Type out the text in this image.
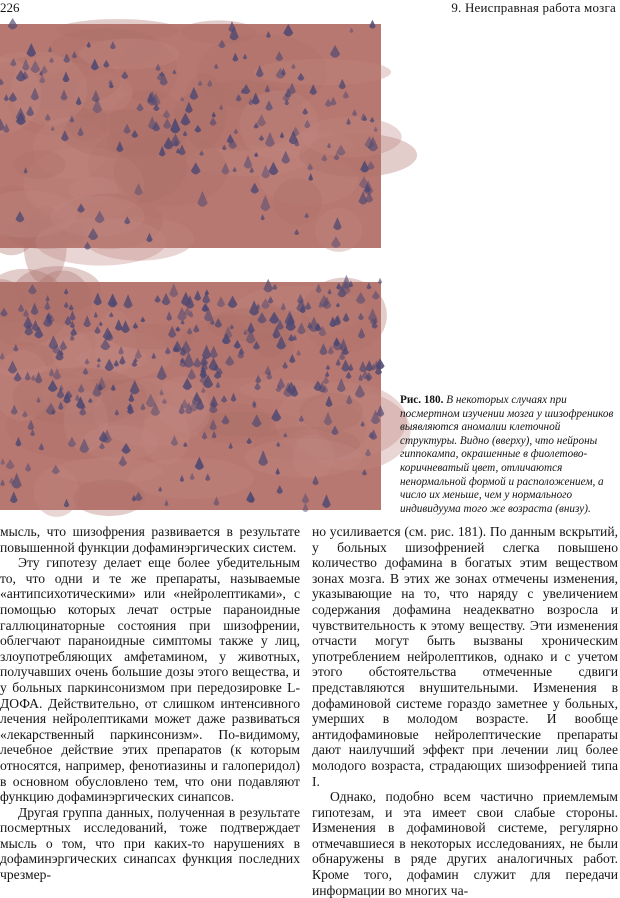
226	9. Неисправная работа мозга
Рис. 180. В некоторых случаях при посмертном изучении мозга у шизофреников выявляются аномалии клеточной структуры. Видно (вверху), что нейроны гиппокампа, окрашенные в фиолетово-коричневатый цвет, отличаются ненормальной формой и расположением, а число их меньше, чем у нормального индивидуума того же возраста (внизу).

мысль, что шизофрения развивается в результате повышенной функции дофаминэргических систем.

Эту гипотезу делает еще более убедительным то, что одни и те же препараты, называемые «антипсихотическими» или «нейролептиками», с помощью которых лечат острые параноидные галлюцинаторные состояния при шизофрении, облегчают параноидные симптомы также у лиц, злоупотребляющих амфетамином, у животных, получавших очень большие дозы этого вещества, и у больных паркинсонизмом при передозировке L-ДОФА. Действительно, от слишком интенсивного лечения нейролептиками может даже развиваться «лекарственный паркинсонизм». По-видимому, лечебное действие этих препаратов (к которым относятся, например, фенотиазины и галоперидол) в основном обусловлено тем, что они подавляют функцию дофаминэргических синапсов.

Другая группа данных, полученная в результате посмертных исследований, тоже подтверждает мысль о том, что при каких-то нарушениях в дофаминэргических синапсах функция последних чрезмер-

но усиливается (см. рис. 181). По данным вскрытий, у больных шизофренией слегка повышено количество дофамина в богатых этим веществом зонах мозга. В этих же зонах отмечены изменения, указывающие на то, что наряду с увеличением содержания дофамина неадекватно возросла и чувствительность к этому веществу. Эти изменения отчасти могут быть вызваны хроническим употреблением нейролептиков, однако и с учетом этого обстоятельства отмеченные сдвиги представляются внушительными. Изменения в дофаминовой системе гораздо заметнее у больных, умерших в молодом возрасте. И вообще антидофаминовые нейролептические препараты дают наилучший эффект при лечении лиц более молодого возраста, страдающих шизофренией типа I.

Однако, подобно всем частично приемлемым гипотезам, и эта имеет свои слабые стороны. Изменения в дофаминовой системе, регулярно отмечавшиеся в некоторых исследованиях, не были обнаружены в ряде других аналогичных работ. Кроме того, дофамин служит для передачи информации во многих ча-
